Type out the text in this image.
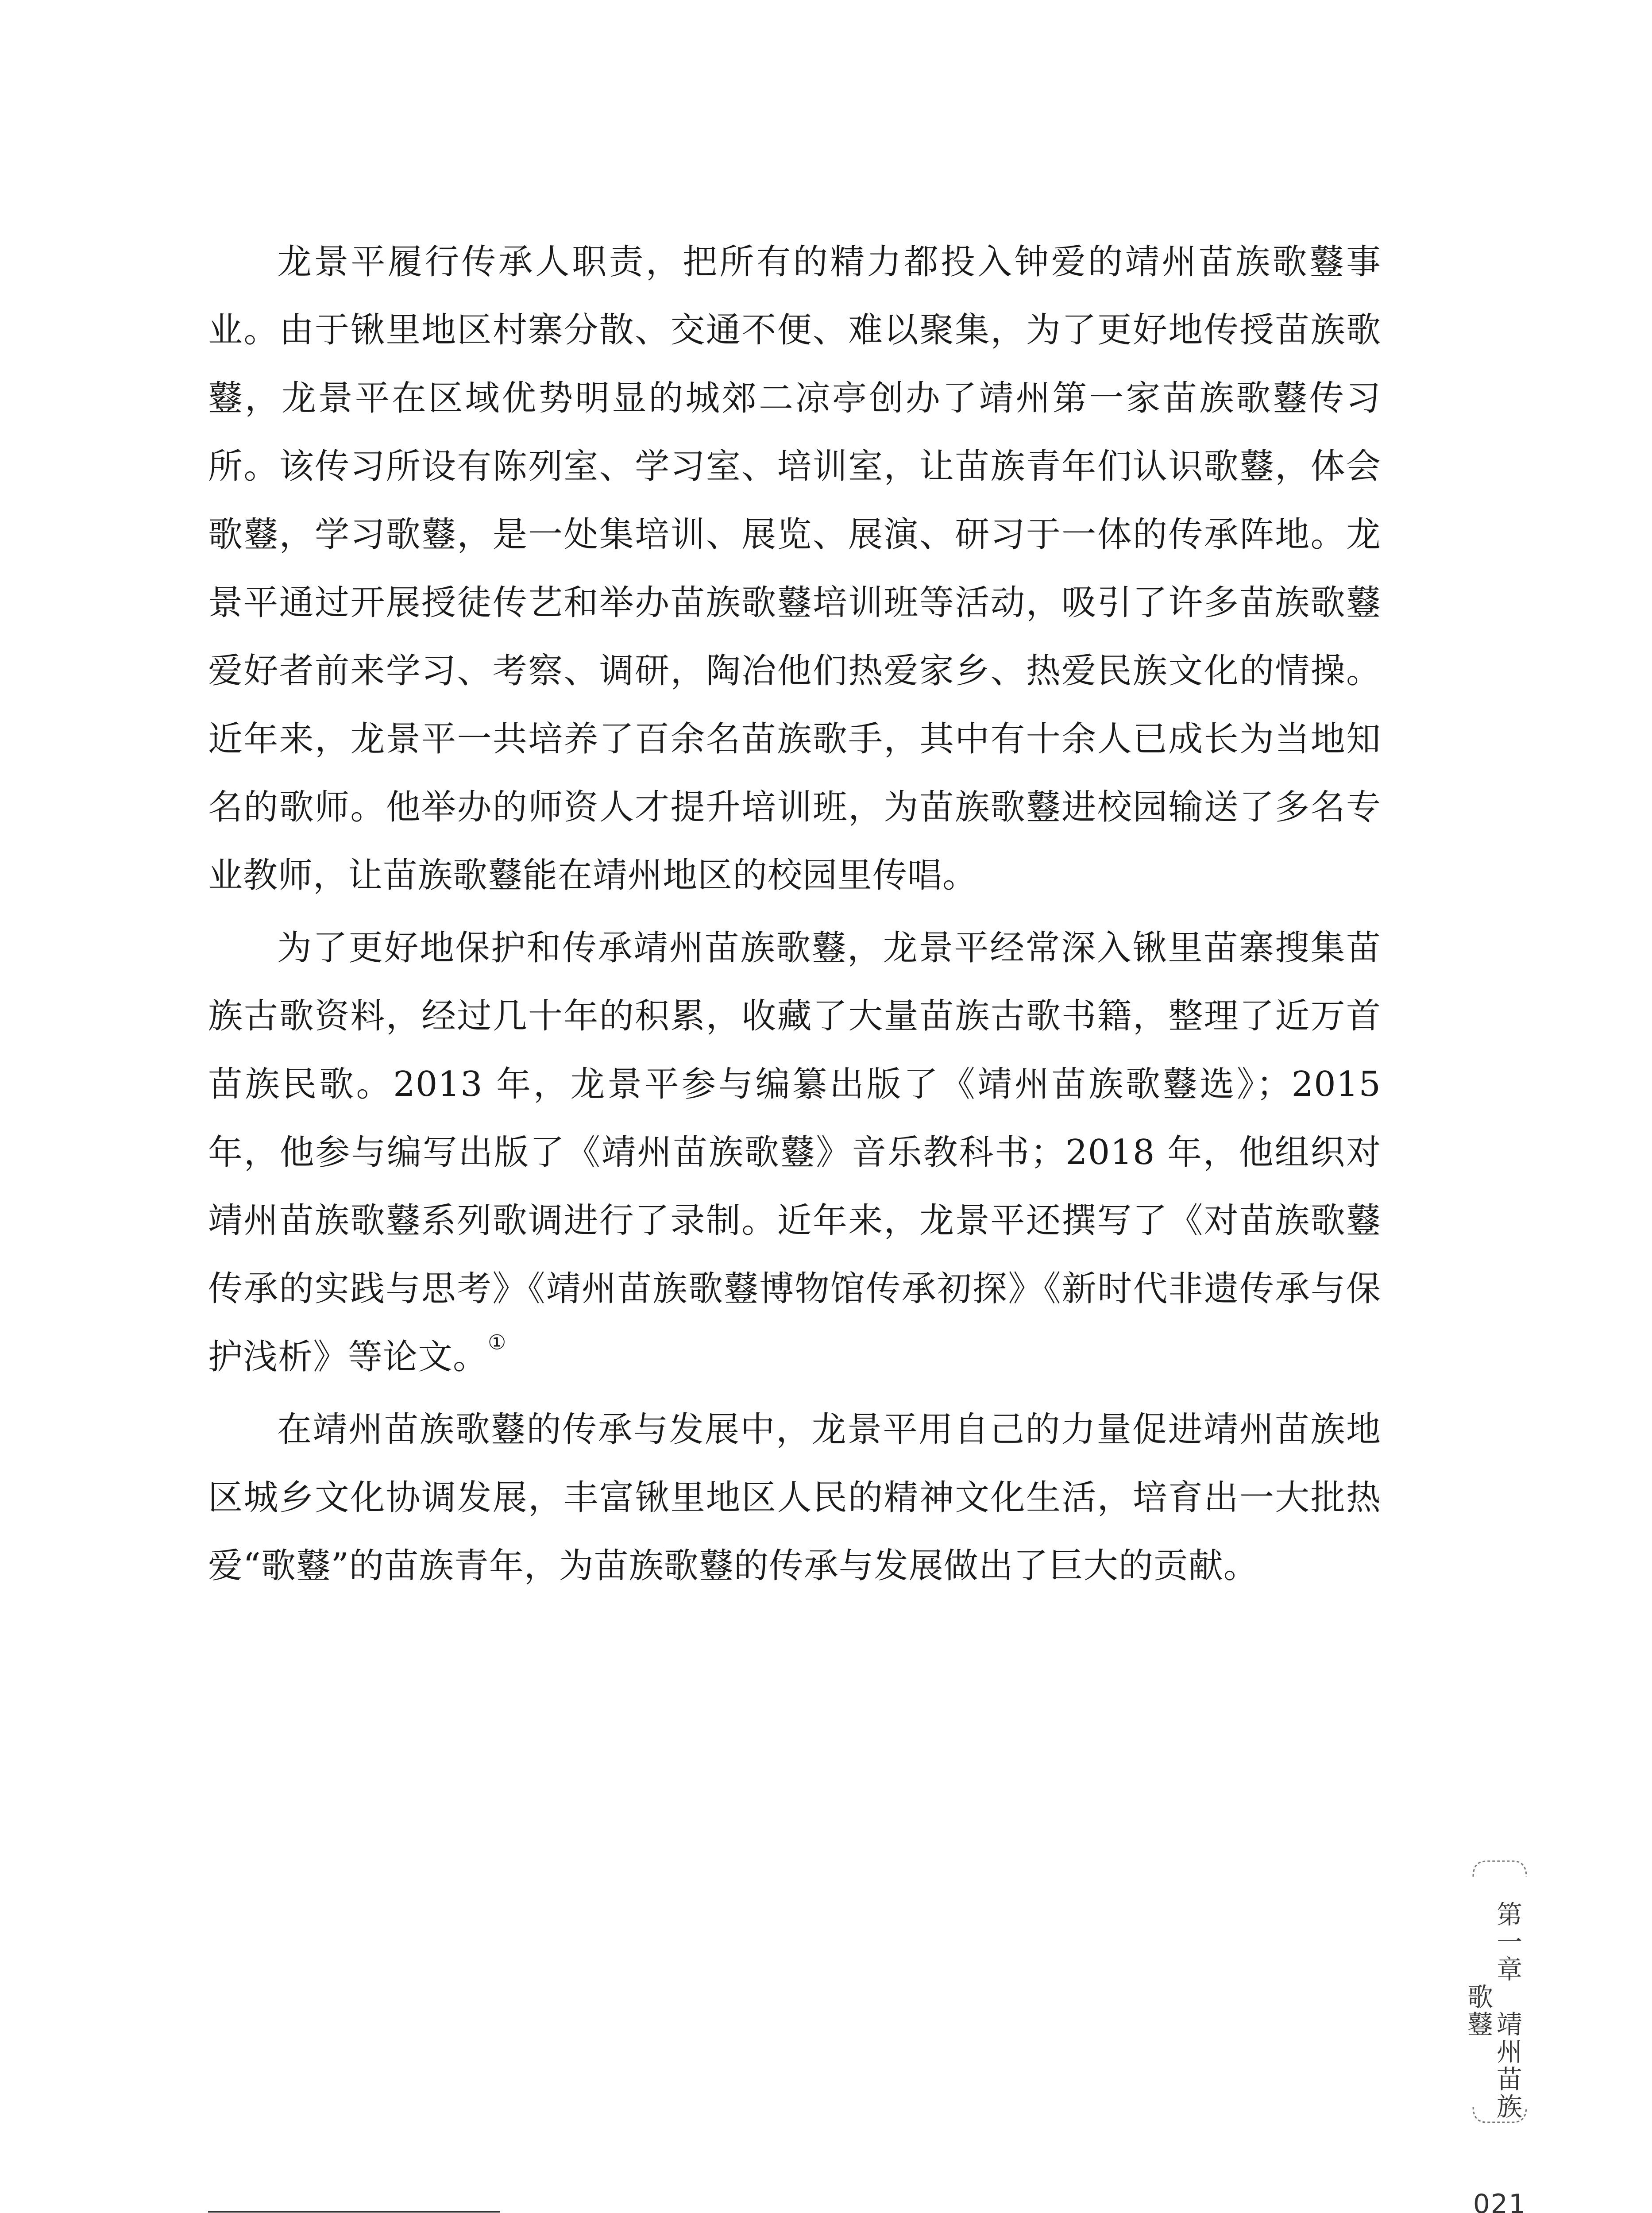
龙景平履行传承人职责，把所有的精力都投入钟爱的靖州苗族歌鼟事业。由于锹里地区村寨分散、交通不便、难以聚集，为了更好地传授苗族歌鼟，龙景平在区域优势明显的城郊二凉亭创办了靖州第一家苗族歌鼟传习所。该传习所设有陈列室、学习室、培训室，让苗族青年们认识歌鼟，体会歌鼟，学习歌鼟，是一处集培训、展览、展演、研习于一体的传承阵地。龙景平通过开展授徒传艺和举办苗族歌鼟培训班等活动，吸引了许多苗族歌鼟爱好者前来学习、考察、调研，陶冶他们热爱家乡、热爱民族文化的情操。近年来，龙景平一共培养了百余名苗族歌手，其中有十余人已成长为当地知名的歌师。他举办的师资人才提升培训班，为苗族歌鼟进校园输送了多名专业教师，让苗族歌鼟能在靖州地区的校园里传唱。

为了更好地保护和传承靖州苗族歌鼟，龙景平经常深入锹里苗寨搜集苗族古歌资料，经过几十年的积累，收藏了大量苗族古歌书籍，整理了近万首苗族民歌。2013 年，龙景平参与编纂出版了《靖州苗族歌鼟选》；2015 年，他参与编写出版了《靖州苗族歌鼟》音乐教科书；2018 年，他组织对靖州苗族歌鼟系列歌调进行了录制。近年来，龙景平还撰写了《对苗族歌鼟传承的实践与思考》《靖州苗族歌鼟博物馆传承初探》《新时代非遗传承与保护浅析》等论文。①

在靖州苗族歌鼟的传承与发展中，龙景平用自己的力量促进靖州苗族地区城乡文化协调发展，丰富锹里地区人民的精神文化生活，培育出一大批热爱“歌鼟”的苗族青年，为苗族歌鼟的传承与发展做出了巨大的贡献。

第一章　靖州苗族歌鼟
021
